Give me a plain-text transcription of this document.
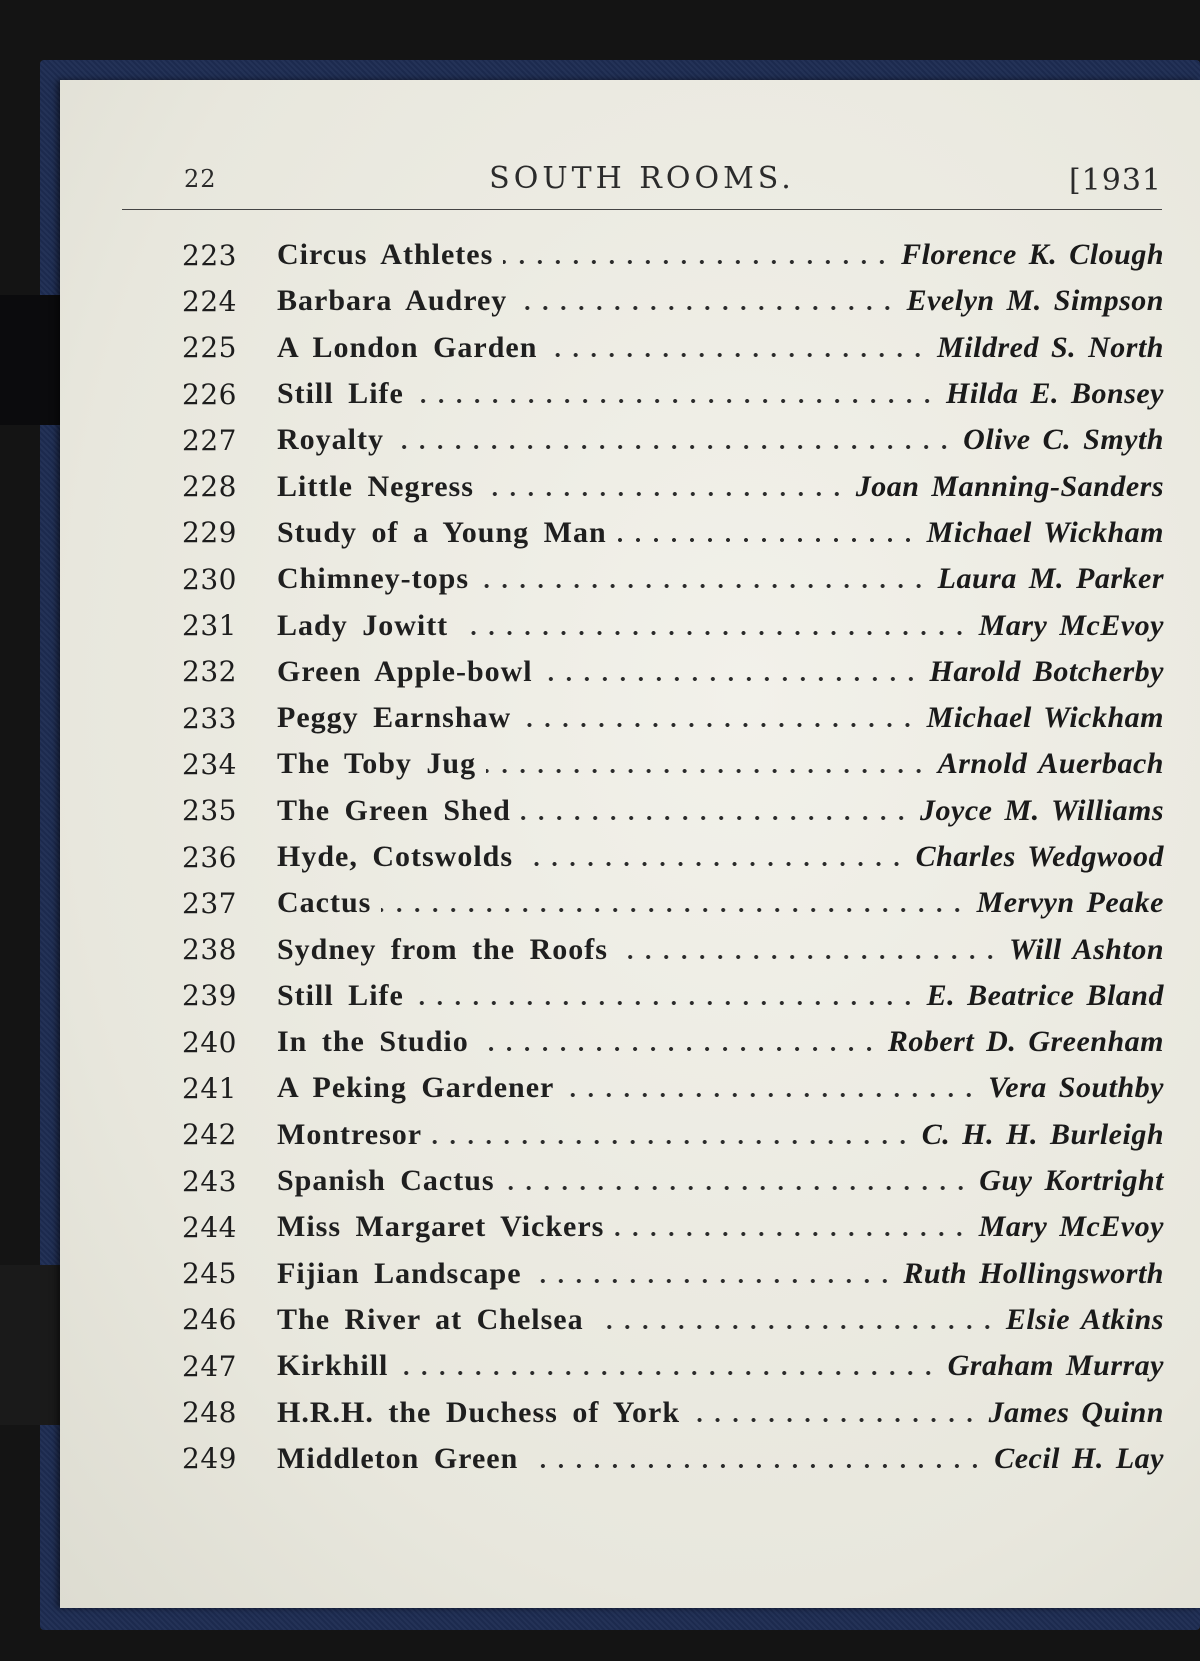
22	SOUTH ROOMS.	[1931
223	Circus Athletes	Florence K. Clough
224	Barbara Audrey	Evelyn M. Simpson
225	A London Garden	Mildred S. North
226	Still Life	Hilda E. Bonsey
227	Royalty	Olive C. Smyth
228	Little Negress	Joan Manning-Sanders
229	Study of a Young Man	Michael Wickham
230	Chimney-tops	Laura M. Parker
231	Lady Jowitt	Mary McEvoy
232	Green Apple-bowl	Harold Botcherby
233	Peggy Earnshaw	Michael Wickham
234	The Toby Jug	Arnold Auerbach
235	The Green Shed	Joyce M. Williams
236	Hyde, Cotswolds	Charles Wedgwood
237	Cactus	Mervyn Peake
238	Sydney from the Roofs	Will Ashton
239	Still Life	E. Beatrice Bland
240	In the Studio	Robert D. Greenham
241	A Peking Gardener	Vera Southby
242	Montresor	C. H. H. Burleigh
243	Spanish Cactus	Guy Kortright
244	Miss Margaret Vickers	Mary McEvoy
245	Fijian Landscape	Ruth Hollingsworth
246	The River at Chelsea	Elsie Atkins
247	Kirkhill	Graham Murray
248	H.R.H. the Duchess of York	James Quinn
249	Middleton Green	Cecil H. Lay
